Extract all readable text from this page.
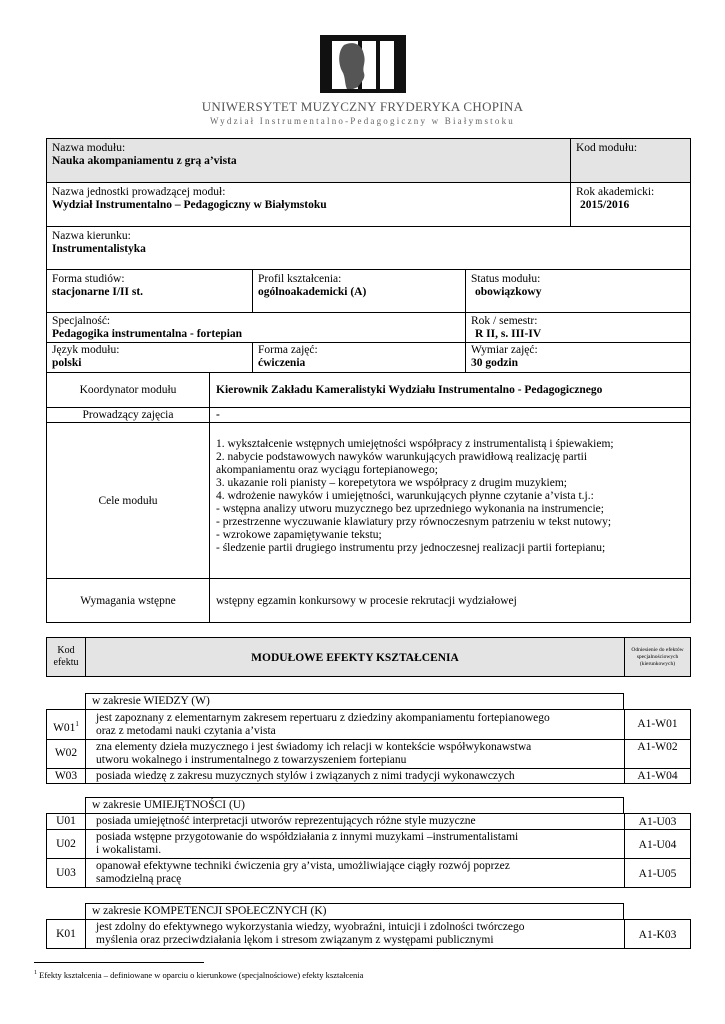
UNIWERSYTET MUZYCZNY FRYDERYKA CHOPINA
Wydział Instrumentalno-Pedagogiczny w Białymstoku
Nazwa modułu:
Nauka akompaniamentu z grą a’vista
Kod modułu:
Nazwa jednostki prowadzącej moduł:
Wydział Instrumentalno – Pedagogiczny w Białymstoku
Rok akademicki:
2015/2016
Nazwa kierunku:
Instrumentalistyka
Forma studiów:
stacjonarne I/II st.
Profil kształcenia:
ogólnoakademicki (A)
Status modułu:
obowiązkowy
Specjalność:
Pedagogika instrumentalna - fortepian
Rok / semestr:
R II, s. III-IV
Język modułu:
polski
Forma zajęć:
ćwiczenia
Wymiar zajęć:
30 godzin
Koordynator modułu	Kierownik Zakładu Kameralistyki Wydziału Instrumentalno - Pedagogicznego
Prowadzący zajęcia	-
Cele modułu
1. wykształcenie wstępnych umiejętności współpracy z instrumentalistą i śpiewakiem;
2. nabycie podstawowych nawyków warunkujących prawidłową realizację partii
akompaniamentu oraz wyciągu fortepianowego;
3. ukazanie roli pianisty – korepetytora we współpracy z drugim muzykiem;
4. wdrożenie nawyków i umiejętności, warunkujących płynne czytanie a’vista t.j.:
- wstępna analizy utworu muzycznego bez uprzedniego wykonania na instrumencie;
- przestrzenne wyczuwanie klawiatury przy równoczesnym patrzeniu w tekst nutowy;
- wzrokowe zapamiętywanie tekstu;
- śledzenie partii drugiego instrumentu przy jednoczesnej realizacji partii fortepianu;
Wymagania wstępne	wstępny egzamin konkursowy w procesie rekrutacji wydziałowej
Kod
efektu	MODUŁOWE EFEKTY KSZTAŁCENIA
Odniesienie do efektów
specjalnościowych
(kierunkowych)
w zakresie WIEDZY (W)
$W01^1$	jest zapoznany z elementarnym zakresem repertuaru z dziedziny akompaniamentu fortepianowego
oraz z metodami nauki czytania a’vista
A1-W01
W02	zna elementy dzieła muzycznego i jest świadomy ich relacji w kontekście współwykonawstwa
utworu wokalnego i instrumentalnego z towarzyszeniem fortepianu
A1-W02
W03	posiada wiedzę z zakresu muzycznych stylów i związanych z nimi tradycji wykonawczych	A1-W04
w zakresie UMIEJĘTNOŚCI (U)
U01	posiada umiejętność interpretacji utworów reprezentujących różne style muzyczne	A1-U03
U02
posiada wstępne przygotowanie do współdziałania z innymi muzykami –instrumentalistami
i wokalistami.	A1-U04
U03
opanował efektywne techniki ćwiczenia gry a’vista, umożliwiające ciągły rozwój poprzez
samodzielną pracę	A1-U05
w zakresie KOMPETENCJI SPOŁECZNYCH (K)
K01
jest zdolny do efektywnego wykorzystania wiedzy, wyobraźni, intuicji i zdolności twórczego
myślenia oraz przeciwdziałania lękom i stresom związanym z występami publicznymi	A1-K03
$^1$ Efekty kształcenia – definiowane w oparciu o kierunkowe (specjalnościowe) efekty kształcenia
